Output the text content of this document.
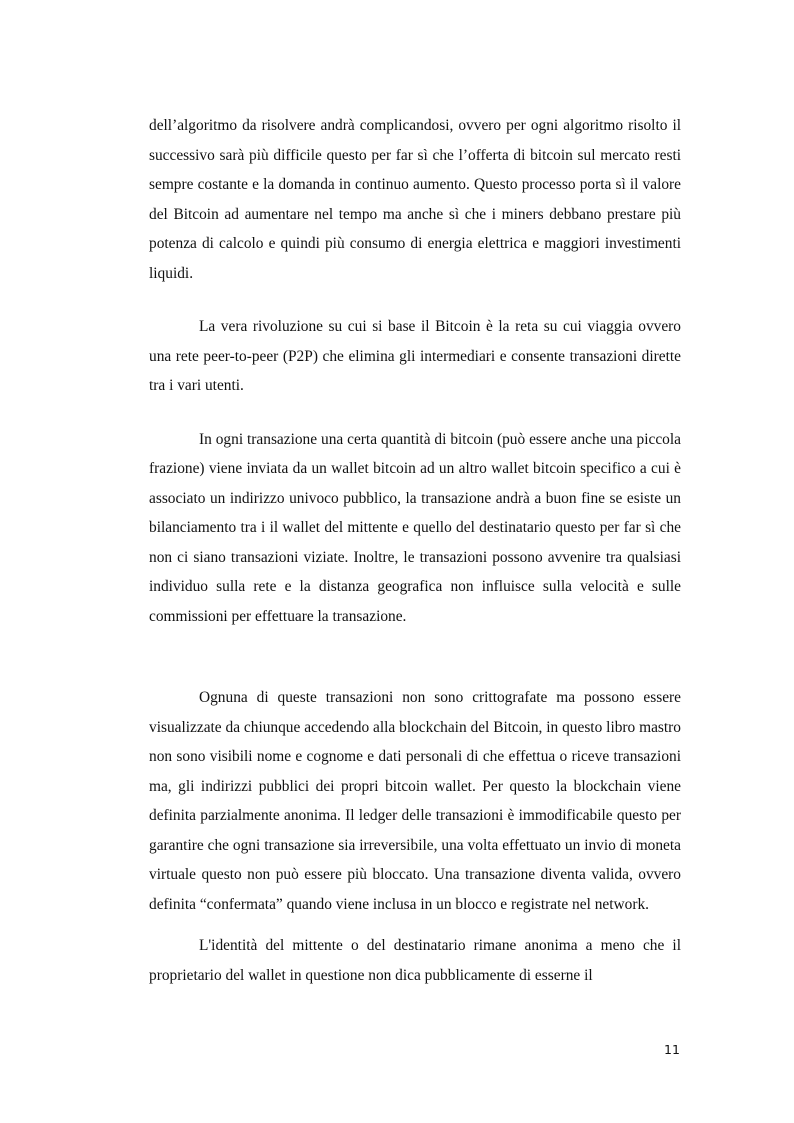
dell’algoritmo da risolvere andrà complicandosi, ovvero per ogni algoritmo risolto il successivo sarà più difficile questo per far sì che l’offerta di bitcoin sul mercato resti sempre costante e la domanda in continuo aumento. Questo processo porta sì il valore del Bitcoin ad aumentare nel tempo ma anche sì che i miners debbano prestare più potenza di calcolo e quindi più consumo di energia elettrica e maggiori investimenti liquidi.

La vera rivoluzione su cui si base il Bitcoin è la reta su cui viaggia ovvero una rete peer-to-peer (P2P) che elimina gli intermediari e consente transazioni dirette tra i vari utenti.

In ogni transazione una certa quantità di bitcoin (può essere anche una piccola frazione) viene inviata da un wallet bitcoin ad un altro wallet bitcoin specifico a cui è associato un indirizzo univoco pubblico, la transazione andrà a buon fine se esiste un bilanciamento tra i il wallet del mittente e quello del destinatario questo per far sì che non ci siano transazioni viziate. Inoltre, le transazioni possono avvenire tra qualsiasi individuo sulla rete e la distanza geografica non influisce sulla velocità e sulle commissioni per effettuare la transazione.

Ognuna di queste transazioni non sono crittografate ma possono essere visualizzate da chiunque accedendo alla blockchain del Bitcoin, in questo libro mastro non sono visibili nome e cognome e dati personali di che effettua o riceve transazioni ma, gli indirizzi pubblici dei propri bitcoin wallet. Per questo la blockchain viene definita parzialmente anonima. Il ledger delle transazioni è immodificabile questo per garantire che ogni transazione sia irreversibile, una volta effettuato un invio di moneta virtuale questo non può essere più bloccato. Una transazione diventa valida, ovvero definita “confermata” quando viene inclusa in un blocco e registrate nel network.

L'identità del mittente o del destinatario rimane anonima a meno che il proprietario del wallet in questione non dica pubblicamente di esserne il

11
